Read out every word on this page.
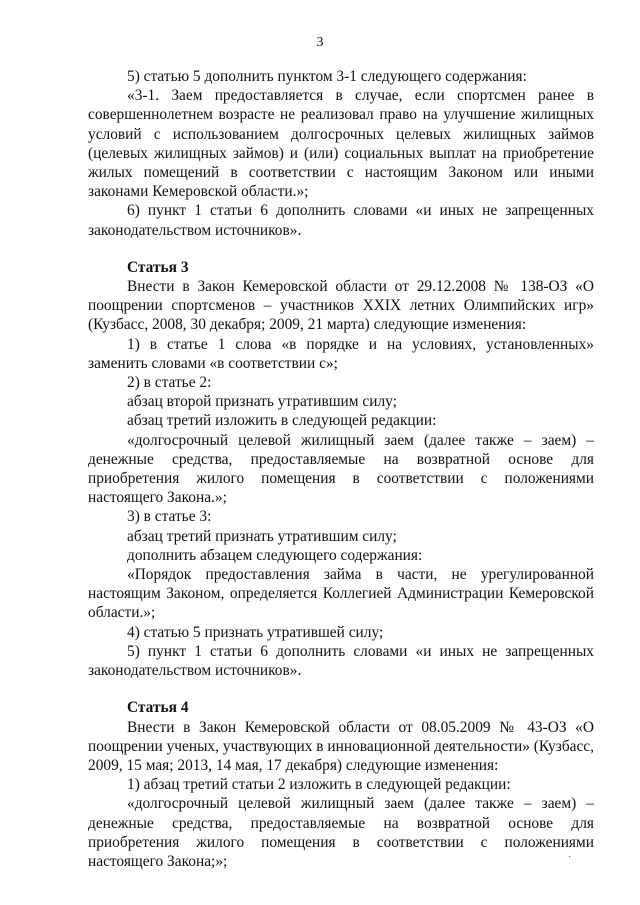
3

5) статью 5 дополнить пунктом 3-1 следующего содержания:

«3-1. Заем предоставляется в случае, если спортсмен ранее в совершеннолетнем возрасте не реализовал право на улучшение жилищных условий с использованием долгосрочных целевых жилищных займов (целевых жилищных займов) и (или) социальных выплат на приобретение жилых помещений в соответствии с настоящим Законом или иными законами Кемеровской области.»;

6) пункт 1 статьи 6 дополнить словами «и иных не запрещенных законодательством источников».

Статья 3

Внести в Закон Кемеровской области от 29.12.2008 № 138-ОЗ «О поощрении спортсменов – участников XXIX летних Олимпийских игр» (Кузбасс, 2008, 30 декабря; 2009, 21 марта) следующие изменения:

1) в статье 1 слова «в порядке и на условиях, установленных» заменить словами «в соответствии с»;

2) в статье 2:

абзац второй признать утратившим силу;

абзац третий изложить в следующей редакции:

«долгосрочный целевой жилищный заем (далее также – заем) – денежные средства, предоставляемые на возвратной основе для приобретения жилого помещения в соответствии с положениями настоящего Закона.»;

3) в статье 3:

абзац третий признать утратившим силу;

дополнить абзацем следующего содержания:

«Порядок предоставления займа в части, не урегулированной настоящим Законом, определяется Коллегией Администрации Кемеровской области.»;

4) статью 5 признать утратившей силу;

5) пункт 1 статьи 6 дополнить словами «и иных не запрещенных законодательством источников».

Статья 4

Внести в Закон Кемеровской области от 08.05.2009 № 43-ОЗ «О поощрении ученых, участвующих в инновационной деятельности» (Кузбасс, 2009, 15 мая; 2013, 14 мая, 17 декабря) следующие изменения:

1) абзац третий статьи 2 изложить в следующей редакции:

«долгосрочный целевой жилищный заем (далее также – заем) – денежные средства, предоставляемые на возвратной основе для приобретения жилого помещения в соответствии с положениями настоящего Закона;»;	˙
